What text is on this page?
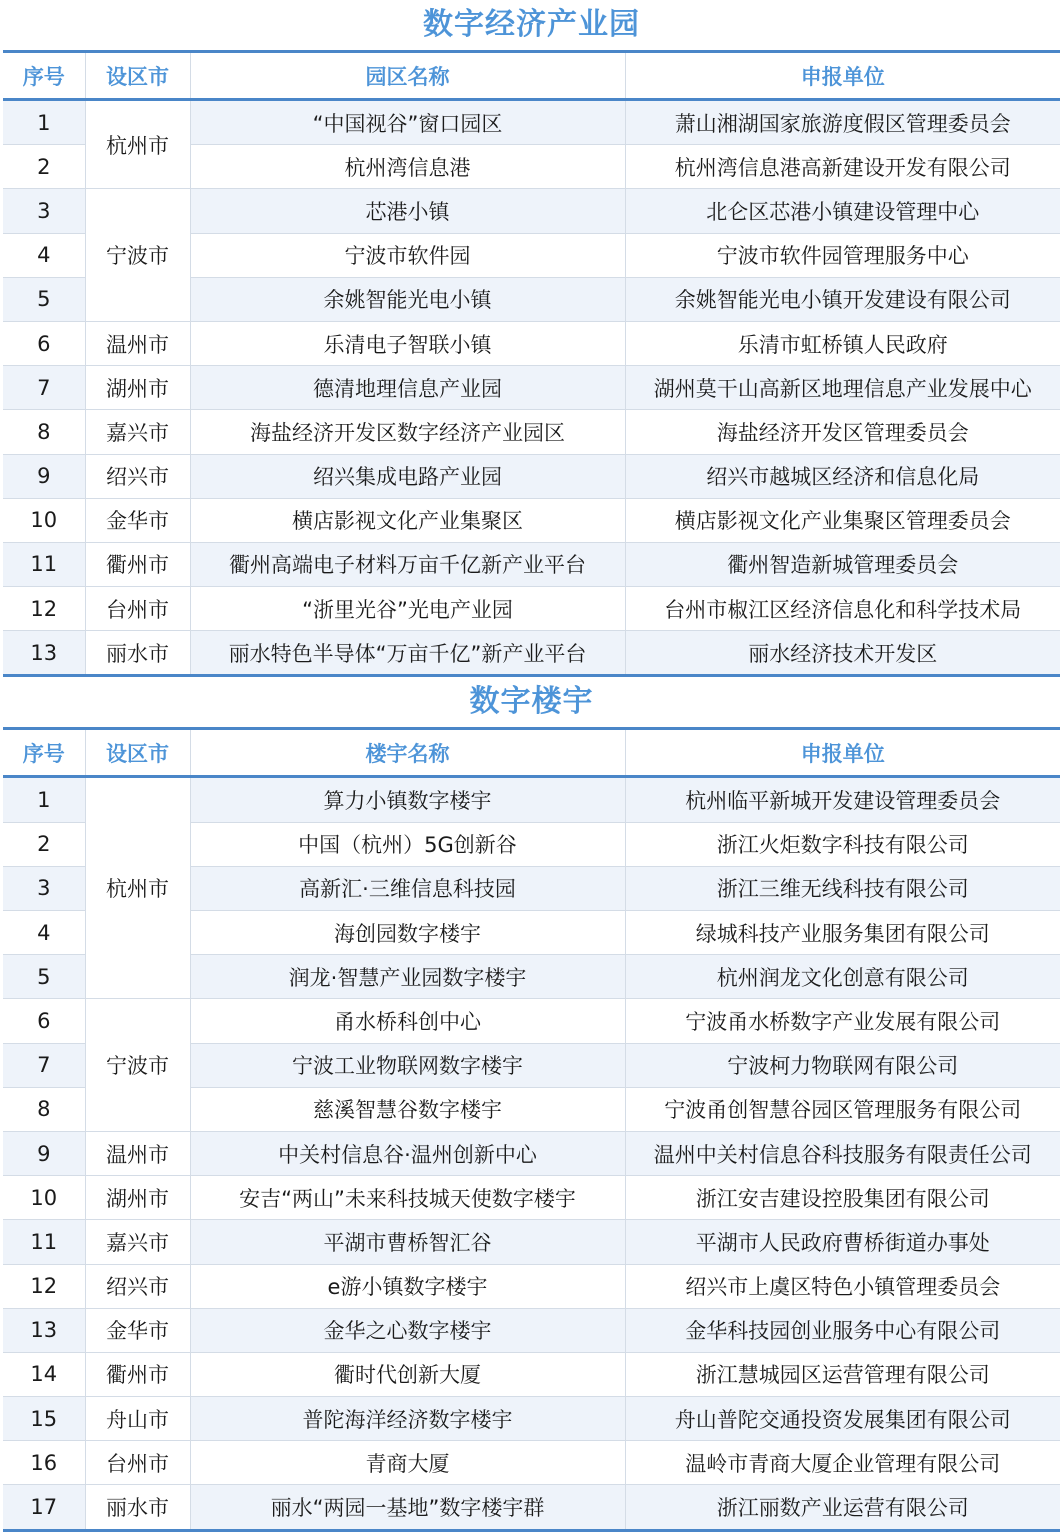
数字经济产业园
序号	设区市	园区名称	申报单位
1	杭州市	“中国视谷”窗口园区	萧山湘湖国家旅游度假区管理委员会
2		杭州湾信息港	杭州湾信息港高新建设开发有限公司
3	宁波市	芯港小镇	北仑区芯港小镇建设管理中心
4		宁波市软件园	宁波市软件园管理服务中心
5		余姚智能光电小镇	余姚智能光电小镇开发建设有限公司
6	温州市	乐清电子智联小镇	乐清市虹桥镇人民政府
7	湖州市	德清地理信息产业园	湖州莫干山高新区地理信息产业发展中心
8	嘉兴市	海盐经济开发区数字经济产业园区	海盐经济开发区管理委员会
9	绍兴市	绍兴集成电路产业园	绍兴市越城区经济和信息化局
10	金华市	横店影视文化产业集聚区	横店影视文化产业集聚区管理委员会
11	衢州市	衢州高端电子材料万亩千亿新产业平台	衢州智造新城管理委员会
12	台州市	“浙里光谷”光电产业园	台州市椒江区经济信息化和科学技术局
13	丽水市	丽水特色半导体“万亩千亿”新产业平台	丽水经济技术开发区
数字楼宇
序号	设区市	楼宇名称	申报单位
1	杭州市	算力小镇数字楼宇	杭州临平新城开发建设管理委员会
2		中国（杭州）5G创新谷	浙江火炬数字科技有限公司
3		高新汇·三维信息科技园	浙江三维无线科技有限公司
4		海创园数字楼宇	绿城科技产业服务集团有限公司
5		润龙·智慧产业园数字楼宇	杭州润龙文化创意有限公司
6	宁波市	甬水桥科创中心	宁波甬水桥数字产业发展有限公司
7		宁波工业物联网数字楼宇	宁波柯力物联网有限公司
8		慈溪智慧谷数字楼宇	宁波甬创智慧谷园区管理服务有限公司
9	温州市	中关村信息谷·温州创新中心	温州中关村信息谷科技服务有限责任公司
10	湖州市	安吉“两山”未来科技城天使数字楼宇	浙江安吉建设控股集团有限公司
11	嘉兴市	平湖市曹桥智汇谷	平湖市人民政府曹桥街道办事处
12	绍兴市	e游小镇数字楼宇	绍兴市上虞区特色小镇管理委员会
13	金华市	金华之心数字楼宇	金华科技园创业服务中心有限公司
14	衢州市	衢时代创新大厦	浙江慧城园区运营管理有限公司
15	舟山市	普陀海洋经济数字楼宇	舟山普陀交通投资发展集团有限公司
16	台州市	青商大厦	温岭市青商大厦企业管理有限公司
17	丽水市	丽水“两园一基地”数字楼宇群	浙江丽数产业运营有限公司
